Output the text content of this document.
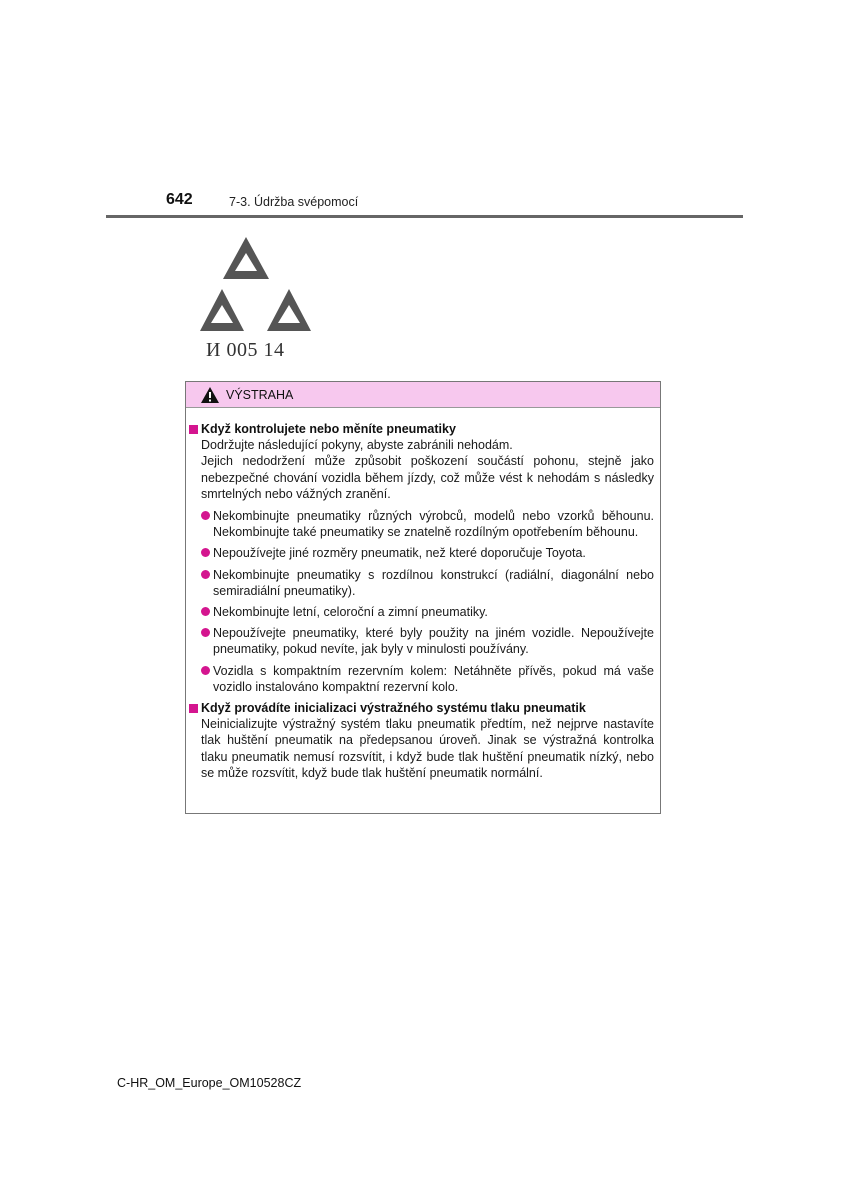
642	7-3. Údržba svépomocí
И 005 14
VÝSTRAHA
Když kontrolujete nebo měníte pneumatiky
Dodržujte následující pokyny, abyste zabránili nehodám.
Jejich nedodržení může způsobit poškození součástí pohonu, stejně jako nebezpečné chování vozidla během jízdy, což může vést k nehodám s následky smrtelných nebo vážných zranění.
Nekombinujte pneumatiky různých výrobců, modelů nebo vzorků běhounu. Nekombinujte také pneumatiky se znatelně rozdílným opotřebením běhounu.
Nepoužívejte jiné rozměry pneumatik, než které doporučuje Toyota.
Nekombinujte pneumatiky s rozdílnou konstrukcí (radiální, diagonální nebo semiradiální pneumatiky).
Nekombinujte letní, celoroční a zimní pneumatiky.
Nepoužívejte pneumatiky, které byly použity na jiném vozidle. Nepoužívejte pneumatiky, pokud nevíte, jak byly v minulosti používány.
Vozidla s kompaktním rezervním kolem: Netáhněte přívěs, pokud má vaše vozidlo instalováno kompaktní rezervní kolo.
Když provádíte inicializaci výstražného systému tlaku pneumatik
Neinicializujte výstražný systém tlaku pneumatik předtím, než nejprve nastavíte tlak huštění pneumatik na předepsanou úroveň. Jinak se výstražná kontrolka tlaku pneumatik nemusí rozsvítit, i když bude tlak huštění pneumatik nízký, nebo se může rozsvítit, když bude tlak huštění pneumatik normální.
C-HR_OM_Europe_OM10528CZ
